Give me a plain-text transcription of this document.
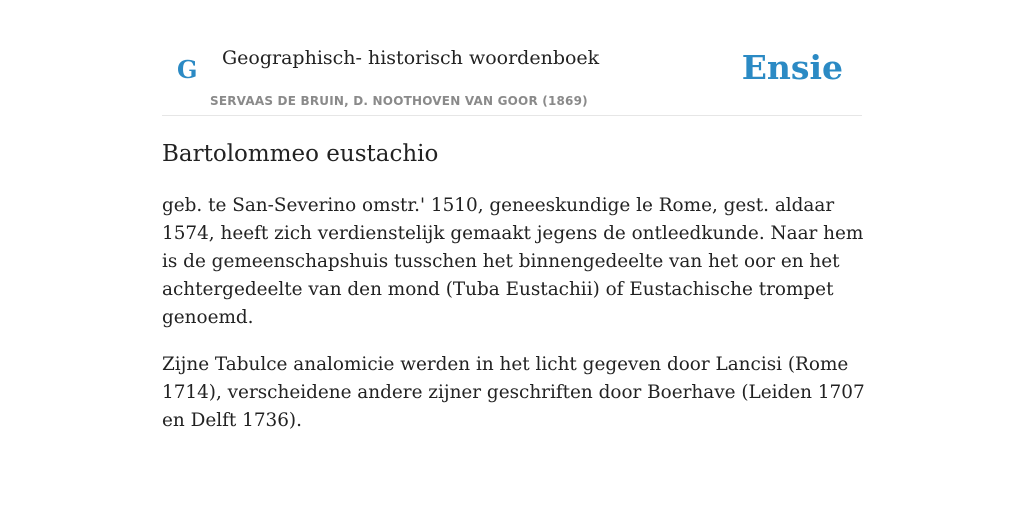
G Geographisch- historisch woordenboek
SERVAAS DE BRUIN, D. NOOTHOVEN VAN GOOR (1869)
Ensie
Bartolommeo eustachio

geb. te San-Severino omstr.' 1510, geneeskundige le Rome, gest. aldaar 1574, heeft zich verdienstelijk gemaakt jegens de ontleedkunde. Naar hem is de gemeenschapshuis tusschen het binnengedeelte van het oor en het achtergedeelte van den mond (Tuba Eustachii) of Eustachische trompet genoemd.

Zijne Tabulce analomicie werden in het licht gegeven door Lancisi (Rome 1714), verscheidene andere zijner geschriften door Boerhave (Leiden 1707 en Delft 1736).
